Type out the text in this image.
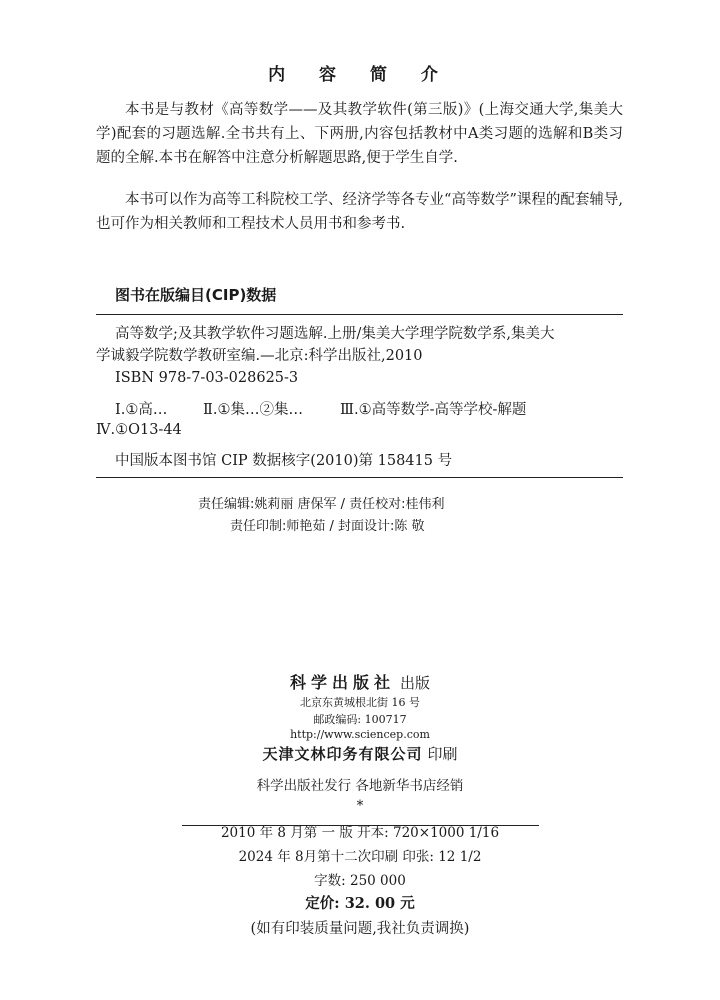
内 容 简 介

本书是与教材《高等数学——及其教学软件(第三版)》(上海交通大学,集美大学)配套的习题选解.全书共有上、下两册,内容包括教材中A类习题的选解和B类习题的全解.本书在解答中注意分析解题思路,便于学生自学.

本书可以作为高等工科院校工学、经济学等各专业“高等数学”课程的配套辅导,也可作为相关教师和工程技术人员用书和参考书.

图书在版编目(CIP)数据
高等数学;及其教学软件习题选解.上册/集美大学理学院数学系,集美大
学诚毅学院数学教研室编.—北京:科学出版社,2010
ISBN 978-7-03-028625-3
Ⅰ.①高… Ⅱ.①集…②集…	Ⅲ.①高等数学-高等学校-解题
Ⅳ.①O13-44
中国版本图书馆 CIP 数据核字(2010)第 158415 号
责任编辑:姚莉丽 唐保军 / 责任校对:桂伟利
责任印制:师艳茹 / 封面设计:陈 敬
科学出版社 出版
北京东黄城根北街 16 号
邮政编码: 100717
http://www.sciencep.com
天津文林印务有限公司 印刷
科学出版社发行 各地新华书店经销
*
2010 年 8 月第 一 版 开本: 720×1000 1/16
2024 年 8月第十二次印刷 印张: 12 1/2
字数: 250 000
定价: 32. 00 元
(如有印装质量问题,我社负责调换)
